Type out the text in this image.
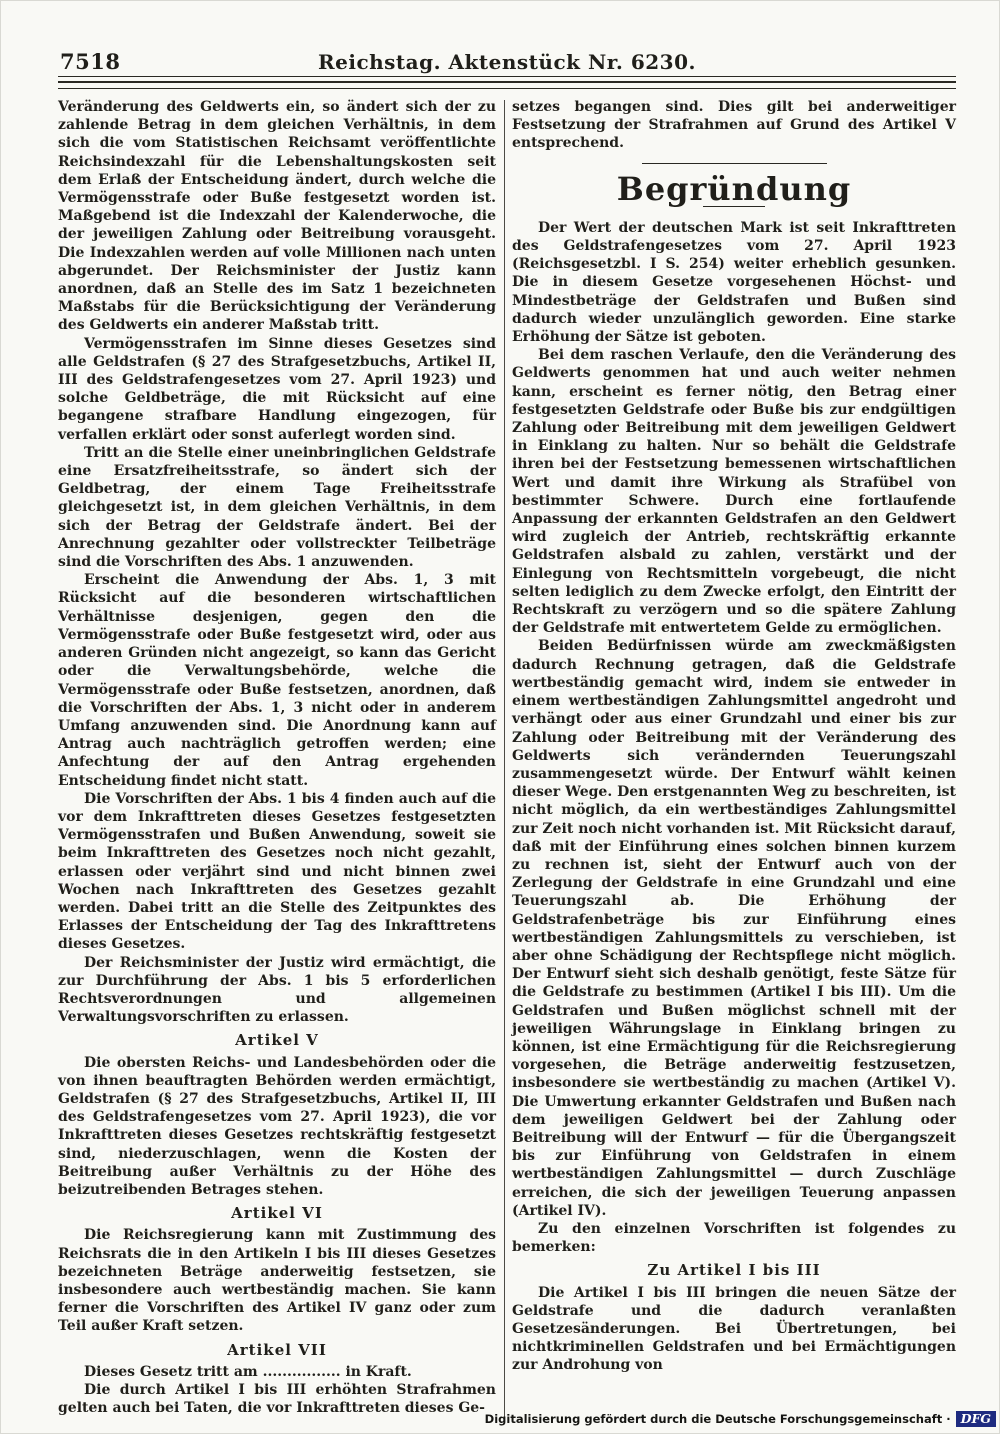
7518	Reichstag. Aktenstück Nr. 6230.

Veränderung des Geldwerts ein, so ändert sich der zu zahlende Betrag in dem gleichen Verhältnis, in dem sich die vom Statistischen Reichsamt veröffentlichte Reichsindexzahl für die Lebenshaltungskosten seit dem Erlaß der Entscheidung ändert, durch welche die Vermögensstrafe oder Buße festgesetzt worden ist. Maßgebend ist die Indexzahl der Kalenderwoche, die der jeweiligen Zahlung oder Beitreibung vorausgeht. Die Indexzahlen werden auf volle Millionen nach unten abgerundet. Der Reichsminister der Justiz kann anordnen, daß an Stelle des im Satz 1 bezeichneten Maßstabs für die Berücksichtigung der Veränderung des Geldwerts ein anderer Maßstab tritt.

Vermögensstrafen im Sinne dieses Gesetzes sind alle Geldstrafen (§ 27 des Strafgesetzbuchs, Artikel II, III des Geldstrafengesetzes vom 27. April 1923) und solche Geldbeträge, die mit Rücksicht auf eine begangene strafbare Handlung eingezogen, für verfallen erklärt oder sonst auferlegt worden sind.

Tritt an die Stelle einer uneinbringlichen Geldstrafe eine Ersatzfreiheitsstrafe, so ändert sich der Geldbetrag, der einem Tage Freiheitsstrafe gleichgesetzt ist, in dem gleichen Verhältnis, in dem sich der Betrag der Geldstrafe ändert. Bei der Anrechnung gezahlter oder vollstreckter Teilbeträge sind die Vorschriften des Abs. 1 anzuwenden.

Erscheint die Anwendung der Abs. 1, 3 mit Rücksicht auf die besonderen wirtschaftlichen Verhältnisse desjenigen, gegen den die Vermögensstrafe oder Buße festgesetzt wird, oder aus anderen Gründen nicht angezeigt, so kann das Gericht oder die Verwaltungsbehörde, welche die Vermögensstrafe oder Buße festsetzen, anordnen, daß die Vorschriften der Abs. 1, 3 nicht oder in anderem Umfang anzuwenden sind. Die Anordnung kann auf Antrag auch nachträglich getroffen werden; eine Anfechtung der auf den Antrag ergehenden Entscheidung findet nicht statt.

Die Vorschriften der Abs. 1 bis 4 finden auch auf die vor dem Inkrafttreten dieses Gesetzes festgesetzten Vermögensstrafen und Bußen Anwendung, soweit sie beim Inkrafttreten des Gesetzes noch nicht gezahlt, erlassen oder verjährt sind und nicht binnen zwei Wochen nach Inkrafttreten des Gesetzes gezahlt werden. Dabei tritt an die Stelle des Zeitpunktes des Erlasses der Entscheidung der Tag des Inkrafttretens dieses Gesetzes.

Der Reichsminister der Justiz wird ermächtigt, die zur Durchführung der Abs. 1 bis 5 erforderlichen Rechtsverordnungen und allgemeinen Verwaltungsvorschriften zu erlassen.

Artikel V

Die obersten Reichs- und Landesbehörden oder die von ihnen beauftragten Behörden werden ermächtigt, Geldstrafen (§ 27 des Strafgesetzbuchs, Artikel II, III des Geldstrafengesetzes vom 27. April 1923), die vor Inkrafttreten dieses Gesetzes rechtskräftig festgesetzt sind, niederzuschlagen, wenn die Kosten der Beitreibung außer Verhältnis zu der Höhe des beizutreibenden Betrages stehen.

Artikel VI

Die Reichsregierung kann mit Zustimmung des Reichsrats die in den Artikeln I bis III dieses Gesetzes bezeichneten Beträge anderweitig festsetzen, sie insbesondere auch wertbeständig machen. Sie kann ferner die Vorschriften des Artikel IV ganz oder zum Teil außer Kraft setzen.

Artikel VII

Dieses Gesetz tritt am ................ in Kraft.

Die durch Artikel I bis III erhöhten Strafrahmen gelten auch bei Taten, die vor Inkrafttreten dieses Ge-

setzes begangen sind. Dies gilt bei anderweitiger Festsetzung der Strafrahmen auf Grund des Artikel V entsprechend.

Begründung

Der Wert der deutschen Mark ist seit Inkrafttreten des Geldstrafengesetzes vom 27. April 1923 (Reichsgesetzbl. I S. 254) weiter erheblich gesunken. Die in diesem Gesetze vorgesehenen Höchst- und Mindestbeträge der Geldstrafen und Bußen sind dadurch wieder unzulänglich geworden. Eine starke Erhöhung der Sätze ist geboten.

Bei dem raschen Verlaufe, den die Veränderung des Geldwerts genommen hat und auch weiter nehmen kann, erscheint es ferner nötig, den Betrag einer festgesetzten Geldstrafe oder Buße bis zur endgültigen Zahlung oder Beitreibung mit dem jeweiligen Geldwert in Einklang zu halten. Nur so behält die Geldstrafe ihren bei der Festsetzung bemessenen wirtschaftlichen Wert und damit ihre Wirkung als Strafübel von bestimmter Schwere. Durch eine fortlaufende Anpassung der erkannten Geldstrafen an den Geldwert wird zugleich der Antrieb, rechtskräftig erkannte Geldstrafen alsbald zu zahlen, verstärkt und der Einlegung von Rechtsmitteln vorgebeugt, die nicht selten lediglich zu dem Zwecke erfolgt, den Eintritt der Rechtskraft zu verzögern und so die spätere Zahlung der Geldstrafe mit entwertetem Gelde zu ermöglichen.

Beiden Bedürfnissen würde am zweckmäßigsten dadurch Rechnung getragen, daß die Geldstrafe wertbeständig gemacht wird, indem sie entweder in einem wertbeständigen Zahlungsmittel angedroht und verhängt oder aus einer Grundzahl und einer bis zur Zahlung oder Beitreibung mit der Veränderung des Geldwerts sich verändernden Teuerungszahl zusammengesetzt würde. Der Entwurf wählt keinen dieser Wege. Den erstgenannten Weg zu beschreiten, ist nicht möglich, da ein wertbeständiges Zahlungsmittel zur Zeit noch nicht vorhanden ist. Mit Rücksicht darauf, daß mit der Einführung eines solchen binnen kurzem zu rechnen ist, sieht der Entwurf auch von der Zerlegung der Geldstrafe in eine Grundzahl und eine Teuerungszahl ab. Die Erhöhung der Geldstrafenbeträge bis zur Einführung eines wertbeständigen Zahlungsmittels zu verschieben, ist aber ohne Schädigung der Rechtspflege nicht möglich. Der Entwurf sieht sich deshalb genötigt, feste Sätze für die Geldstrafe zu bestimmen (Artikel I bis III). Um die Geldstrafen und Bußen möglichst schnell mit der jeweiligen Währungslage in Einklang bringen zu können, ist eine Ermächtigung für die Reichsregierung vorgesehen, die Beträge anderweitig festzusetzen, insbesondere sie wertbeständig zu machen (Artikel V). Die Umwertung erkannter Geldstrafen und Bußen nach dem jeweiligen Geldwert bei der Zahlung oder Beitreibung will der Entwurf — für die Übergangszeit bis zur Einführung von Geldstrafen in einem wertbeständigen Zahlungsmittel — durch Zuschläge erreichen, die sich der jeweiligen Teuerung anpassen (Artikel IV).

Zu den einzelnen Vorschriften ist folgendes zu bemerken:

Zu Artikel I bis III

Die Artikel I bis III bringen die neuen Sätze der Geldstrafe und die dadurch veranlaßten Gesetzesänderungen. Bei Übertretungen, bei nichtkriminellen Geldstrafen und bei Ermächtigungen zur Androhung von

Digitalisierung gefördert durch die Deutsche Forschungsgemeinschaft · DFG
